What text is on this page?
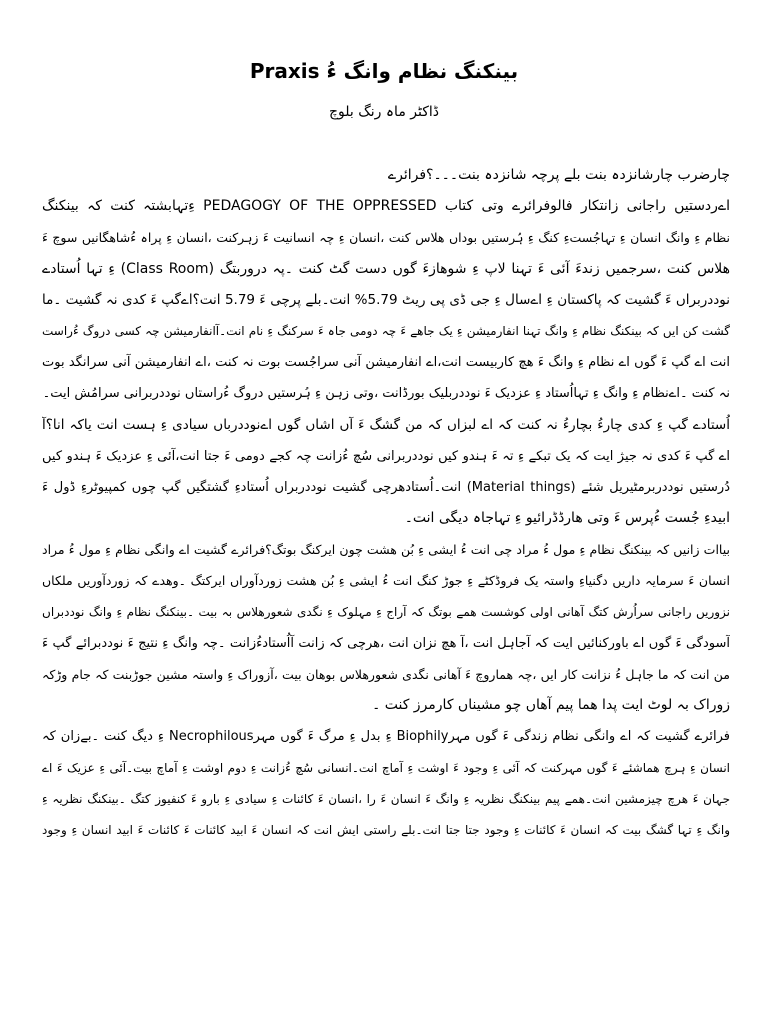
بینکنگ نظام وانگ ءُ Praxis
ڈاکٹر ماہ رنگ بلوچ
چارضرب چارشانزدہ بنت بلے پرچہ شانزدہ بنت۔۔۔؟فرائرے
اےردستیں راجانی زانتکار فالوفرائرے وتی کتاب PEDAGOGY OF THE OPPRESSED ءِتہابشتہ کنت کہ بینکنگ
نظام ءِ وانگ انسان ءِ تہاجُستءِ کنگ ءِ ہُرستیں بوداں ھلاس کنت ،انسان ءِ چہ انسانیت ءَ زہرکنت ،انسان ءِ پراہ ءُشاھگانیں سوچ ءَ
ھلاس کنت ،سرجمیں زندءَ آئی ءَ تہنا لاپ ءِ شوھازءَ گوں دست گٹ کنت ۔پہ دروربتگ (Class Room) ءِ تہا اُستادے
نوددربراں ءَ گشیت کہ پاکستان ءِ اےسال ءِ جی ڈی پی ریٹ 5.79% انت۔بلے پرچی ءَ 5.79 انت؟اےگپ ءَ کدی نہ گشیت ۔ما
گشت کن ایں کہ بینکنگ نظام ءِ وانگ تہنا انفارمیشن ءِ یک جاھے ءَ چہ دومی جاہ ءَ سرکنگ ءِ نام انت۔آانفارمیشن چہ کسی دروگ ءُراست
انت اے گپ ءَ گوں اے نظام ءِ وانگ ءَ ھچ کاربیست انت،اے انفارمیشن آنی سراجُست بوت نہ کنت ،اے انفارمیشن آنی سرانگد بوت
نہ کنت ۔اےنظام ءِ وانگ ءِ تہااُستاد ءِ عزدیک ءَ نوددربلیک بورڈانت ،وتی زہن ءِ ہُرستیں دروگ ءُراستاں نوددربرانی سرامُش ایت۔
اُستادے گپ ءِ کدی چارءُ بچارءُ نہ کنت کہ اے لبزاں کہ من گشگ ءَ آں اشاں گوں اےنوددرباں سیادی ءِ ہست انت یاکہ انا؟آ
اے گپ ءَ کدی نہ جیژ ایت کہ یک تبکے ءِ تہ ءَ ہندو کیں نوددربرانی سُچ ءُزانت چہ کجے دومی ءَ جتا انت،آئی ءِ عزدیک ءَ ہندو کیں
دُرستیں نوددربرمٹیریل شئے (Material things) انت۔اُستادھرچی گشیت نوددربراں اُستادءِ گشتگیں گپ چوں کمپیوٹرءِ ڈول ءَ
ابیدءِ جُست ءُپرس ءَ وتی ھارڈڈرائیو ءِ تہاجاہ دیگی انت۔
بیاات زانیں کہ بینکنگ نظام ءِ مول ءُ مراد چی انت ءُ ایشی ءِ بُن ھشت چون ایرکنگ بوتگ؟فرائرے گشیت اے وانگی نظام ءِ مول ءُ مراد
انسان ءَ سرمایہ داریں دگنیاءِ واستہ یک فروڈکٹے ءِ جوڑ کنگ انت ءُ ایشی ءِ بُن ھشت زوردآوراں ایرکتگ ۔وھدے کہ زوردآوریں ملکاں
نزوریں راجانی سراُرش کتگ آھانی اولی کوشست ھمے بوتگ کہ آراج ءِ مہلوک ءِ نگدی شعورھلاس بہ بیت ۔بینکنگ نظام ءِ وانگ نوددبراں
آسودگی ءَ گوں اے باورکنائیں ایت کہ آجاہل انت ،آ ھچ نزان انت ،ھرچی کہ زانت آاُستادءُزانت ۔چہ وانگ ءِ نتیج ءَ نوددبرائے گپ ءَ
من انت کہ ما جاہل ءُ نزانت کار ایں ،چہ ھماروچ ءَ آھانی نگدی شعورھلاس بوھان بیت ،آزوراک ءِ واستہ مشین جوڑبنت کہ جام وڑکہ
زوراک بہ لوٹ ایت پدا ھما پیم آھاں چو مشیناں کارمرز کنت ۔
فرائرے گشیت کہ اے وانگی نظام زندگی ءَ گوں مہرBiophily ءِ بدل ءِ مرگ ءَ گوں مہرNecrophilous ءِ دیگ کنت ۔بےزان کہ
انسان ءِ ہرچ ھماشئے ءَ گوں مہرکنت کہ آئی ءِ وجود ءَ اوشت ءِ آماچ انت۔انسانی سُچ ءُزانت ءِ دوم اوشت ءِ آماچ بیت۔آئی ءِ عزیک ءَ اے
جہان ءَ ھرچ چیزمشین انت۔ھمے پیم بینکنگ نظریہ ءِ وانگ ءَ انسان ءَ را ،انسان ءَ کائنات ءِ سیادی ءِ بارو ءَ کنفیوز کتگ ۔بینکنگ نظریہ ءِ
وانگ ءِ تہا گشگ بیت کہ انسان ءَ کائنات ءِ وجود جتا جتا انت۔بلے راستی ایش انت کہ انسان ءَ ابید کائنات ءَ کائنات ءَ ابید انسان ءِ وجود
